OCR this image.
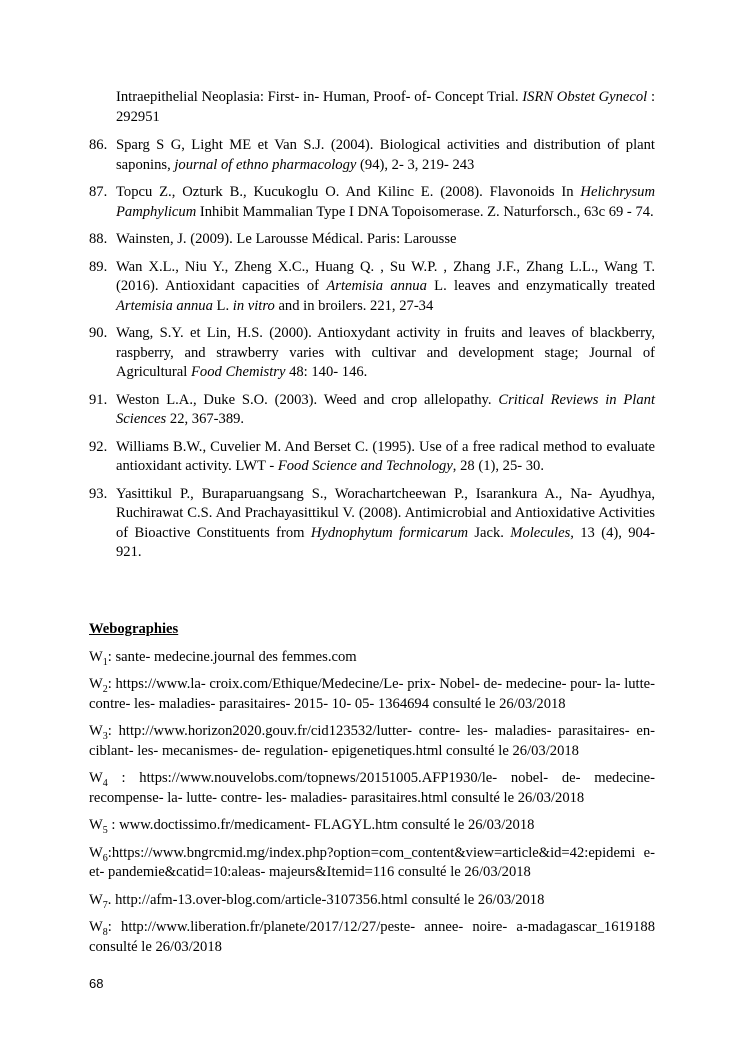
Intraepithelial Neoplasia: First- in- Human, Proof- of- Concept Trial. ISRN Obstet Gynecol : 292951
86. Sparg S G, Light ME et Van S.J. (2004). Biological activities and distribution of plant saponins, journal of ethno pharmacology (94), 2- 3, 219- 243
87. Topcu Z., Ozturk B., Kucukoglu O. And Kilinc E. (2008). Flavonoids In Helichrysum Pamphylicum Inhibit Mammalian Type I DNA Topoisomerase. Z. Naturforsch., 63c 69 - 74.
88. Wainsten, J. (2009). Le Larousse Médical. Paris: Larousse
89. Wan X.L., Niu Y., Zheng X.C., Huang Q. , Su W.P. , Zhang J.F., Zhang L.L., Wang T. (2016). Antioxidant capacities of Artemisia annua L. leaves and enzymatically treated Artemisia annua L. in vitro and in broilers. 221, 27-34
90. Wang, S.Y. et Lin, H.S. (2000). Antioxydant activity in fruits and leaves of blackberry, raspberry, and strawberry varies with cultivar and development stage; Journal of Agricultural Food Chemistry 48: 140- 146.
91. Weston L.A., Duke S.O. (2003). Weed and crop allelopathy. Critical Reviews in Plant Sciences 22, 367-389.
92. Williams B.W., Cuvelier M. And Berset C. (1995). Use of a free radical method to evaluate antioxidant activity. LWT - Food Science and Technology, 28 (1), 25- 30.
93. Yasittikul P., Buraparuangsang S., Worachartcheewan P., Isarankura A., Na- Ayudhya, Ruchirawat C.S. And Prachayasittikul V. (2008). Antimicrobial and Antioxidative Activities of Bioactive Constituents from Hydnophytum formicarum Jack. Molecules, 13 (4), 904- 921.
Webographies
$W_1$: sante- medecine.journal des femmes.com
$W_2$: https://www.la- croix.com/Ethique/Medecine/Le- prix- Nobel- de- medecine- pour- la- lutte- contre- les- maladies- parasitaires- 2015- 10- 05- 1364694 consulté le 26/03/2018
$W_3$: http://www.horizon2020.gouv.fr/cid123532/lutter- contre- les- maladies- parasitaires- en- ciblant- les- mecanismes- de- regulation- epigenetiques.html consulté le 26/03/2018
$W_4$ : https://www.nouvelobs.com/topnews/20151005.AFP1930/le- nobel- de- medecine- recompense- la- lutte- contre- les- maladies- parasitaires.html consulté le 26/03/2018
$W_5$ : www.doctissimo.fr/medicament- FLAGYL.htm consulté le 26/03/2018
$W_6:https://www.bngrcmid.mg/index.php?option=com\_content\&view=article\&id=42:epidemi$ e-et- pandemie&catid=10:aleas- majeurs&Itemid=116 consulté le 26/03/2018
$W_7$. http://afm-13.over-blog.com/article-3107356.html consulté le 26/03/2018
$W_8$: http://www.liberation.fr/planete/2017/12/27/peste- annee- noire- a-madagascar_1619188 consulté le 26/03/2018
68
